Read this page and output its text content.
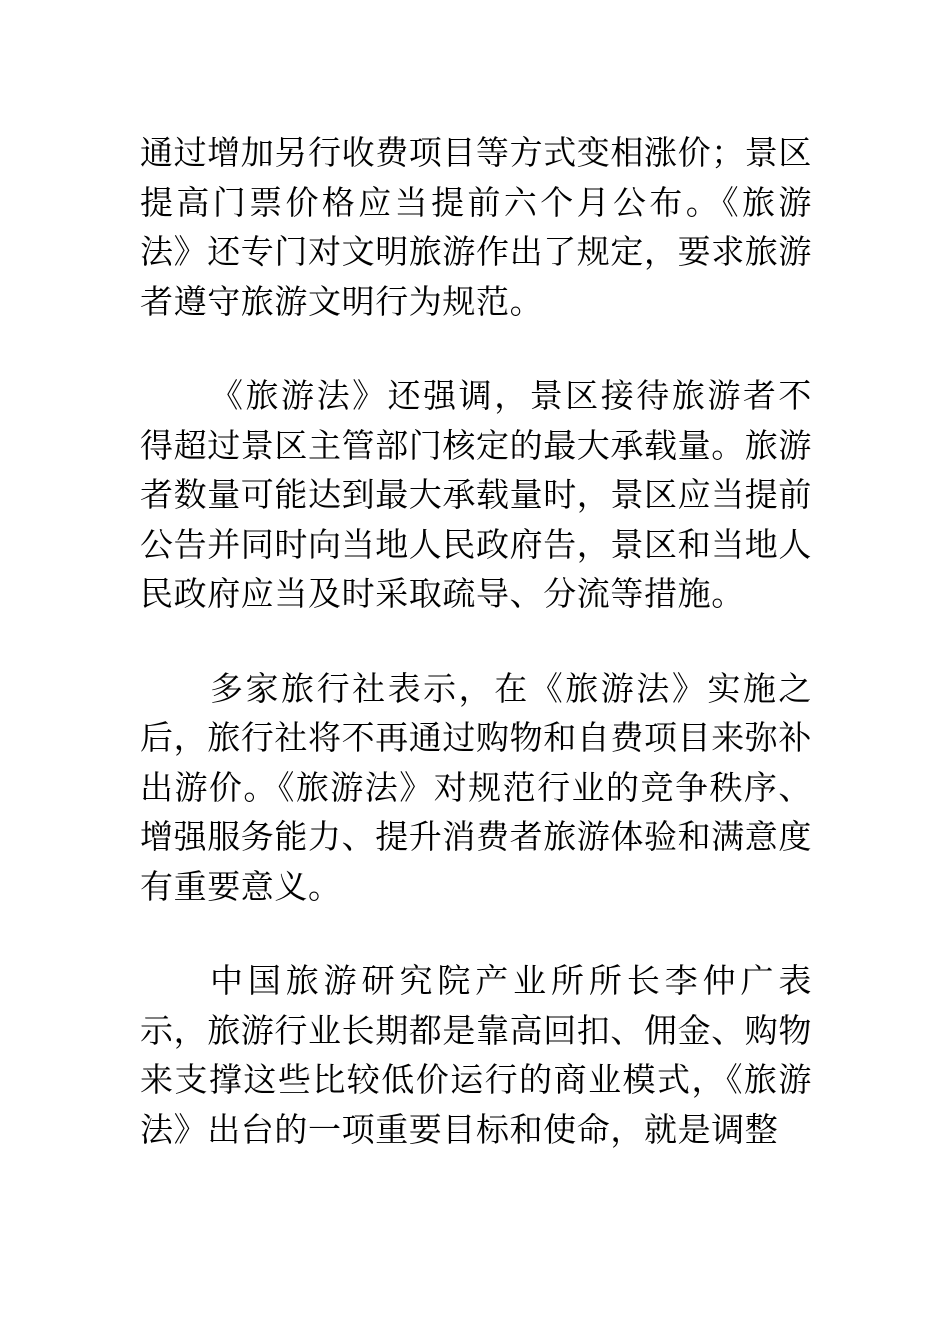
通过增加另行收费项目等方式变相涨价；景区提高门票价格应当提前六个月公布。《旅游法》还专门对文明旅游作出了规定，要求旅游者遵守旅游文明行为规范。

《旅游法》还强调，景区接待旅游者不得超过景区主管部门核定的最大承载量。旅游者数量可能达到最大承载量时，景区应当提前公告并同时向当地人民政府告，景区和当地人民政府应当及时采取疏导、分流等措施。

多家旅行社表示，在《旅游法》实施之后，旅行社将不再通过购物和自费项目来弥补出游价。《旅游法》对规范行业的竞争秩序、增强服务能力、提升消费者旅游体验和满意度有重要意义。

中国旅游研究院产业所所长李仲广表示，旅游行业长期都是靠高回扣、佣金、购物来支撑这些比较低价运行的商业模式，《旅游法》出台的一项重要目标和使命，就是调整
